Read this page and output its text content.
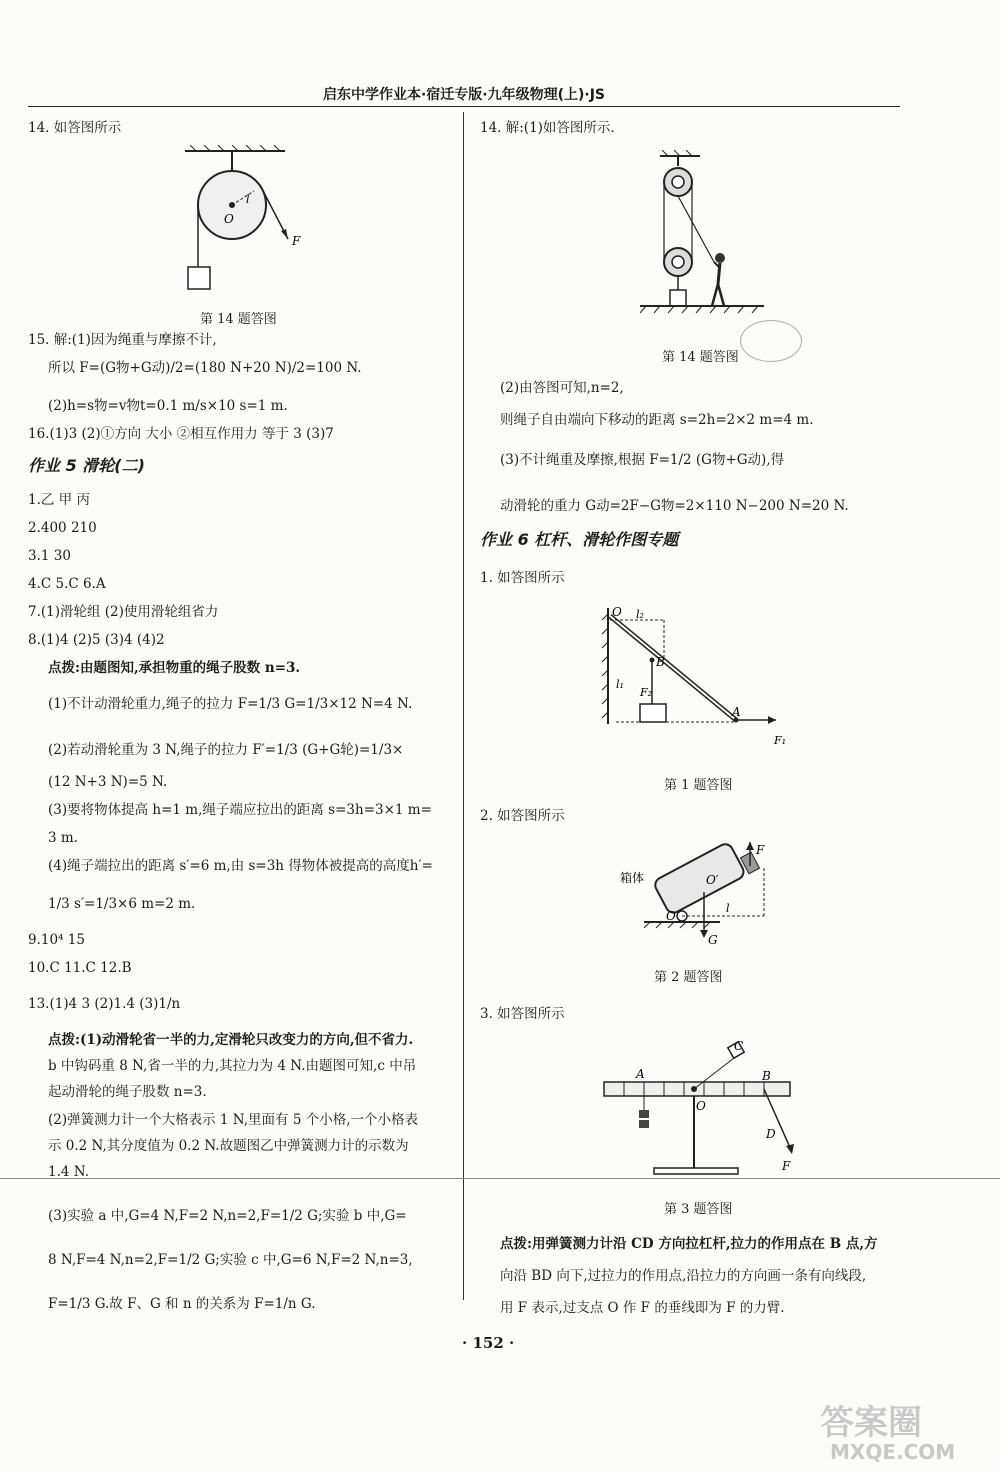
启东中学作业本·宿迁专版·九年级物理(上)·JS
14. 如答图所示
O
l
F
第 14 题答图
15. 解:(1)因为绳重与摩擦不计,
所以 F=(G物+G动)/2=(180 N+20 N)/2=100 N.
(2)h=s物=v物t=0.1 m/s×10 s=1 m.
16.(1)3 (2)①方向 大小 ②相互作用力 等于 3 (3)7
作业 5 滑轮(二)
1.乙 甲 丙
2.400 210
3.1 30
4.C 5.C 6.A
7.(1)滑轮组 (2)使用滑轮组省力
8.(1)4 (2)5 (3)4 (4)2
点拨:由题图知,承担物重的绳子股数 n=3.
(1)不计动滑轮重力,绳子的拉力 F=1/3 G=1/3×12 N=4 N.
(2)若动滑轮重为 3 N,绳子的拉力 F′=1/3 (G+G轮)=1/3×
(12 N+3 N)=5 N.
(3)要将物体提高 h=1 m,绳子端应拉出的距离 s=3h=3×1 m=
3 m.
(4)绳子端拉出的距离 s′=6 m,由 s=3h 得物体被提高的高度h′=
1/3 s′=1/3×6 m=2 m.
9.10⁴ 15
10.C 11.C 12.B
13.(1)4 3 (2)1.4 (3)1/n
点拨:(1)动滑轮省一半的力,定滑轮只改变力的方向,但不省力.
b 中钩码重 8 N,省一半的力,其拉力为 4 N.由题图可知,c 中吊
起动滑轮的绳子股数 n=3.
(2)弹簧测力计一个大格表示 1 N,里面有 5 个小格,一个小格表
示 0.2 N,其分度值为 0.2 N.故题图乙中弹簧测力计的示数为
1.4 N.
(3)实验 a 中,G=4 N,F=2 N,n=2,F=1/2 G;实验 b 中,G=
8 N,F=4 N,n=2,F=1/2 G;实验 c 中,G=6 N,F=2 N,n=3,
F=1/3 G.故 F、G 和 n 的关系为 F=1/n G.
14. 解:(1)如答图所示.
第 14 题答图
(2)由答图可知,n=2,
则绳子自由端向下移动的距离 s=2h=2×2 m=4 m.
(3)不计绳重及摩擦,根据 F=1/2 (G物+G动),得
动滑轮的重力 G动=2F−G物=2×110 N−200 N=20 N.
作业 6 杠杆、滑轮作图专题
1. 如答图所示
O l₂
l₁
B
F₂
A
F₁
第 1 题答图
2. 如答图所示
箱体	O′
O
l
F
G
第 2 题答图
3. 如答图所示
A
O
B
C
D
F
第 3 题答图
点拨:用弹簧测力计沿 CD 方向拉杠杆,拉力的作用点在 B 点,方
向沿 BD 向下,过拉力的作用点,沿拉力的方向画一条有向线段,
用 F 表示,过支点 O 作 F 的垂线即为 F 的力臂.
· 152 ·
答案圈
MXQE.COM
